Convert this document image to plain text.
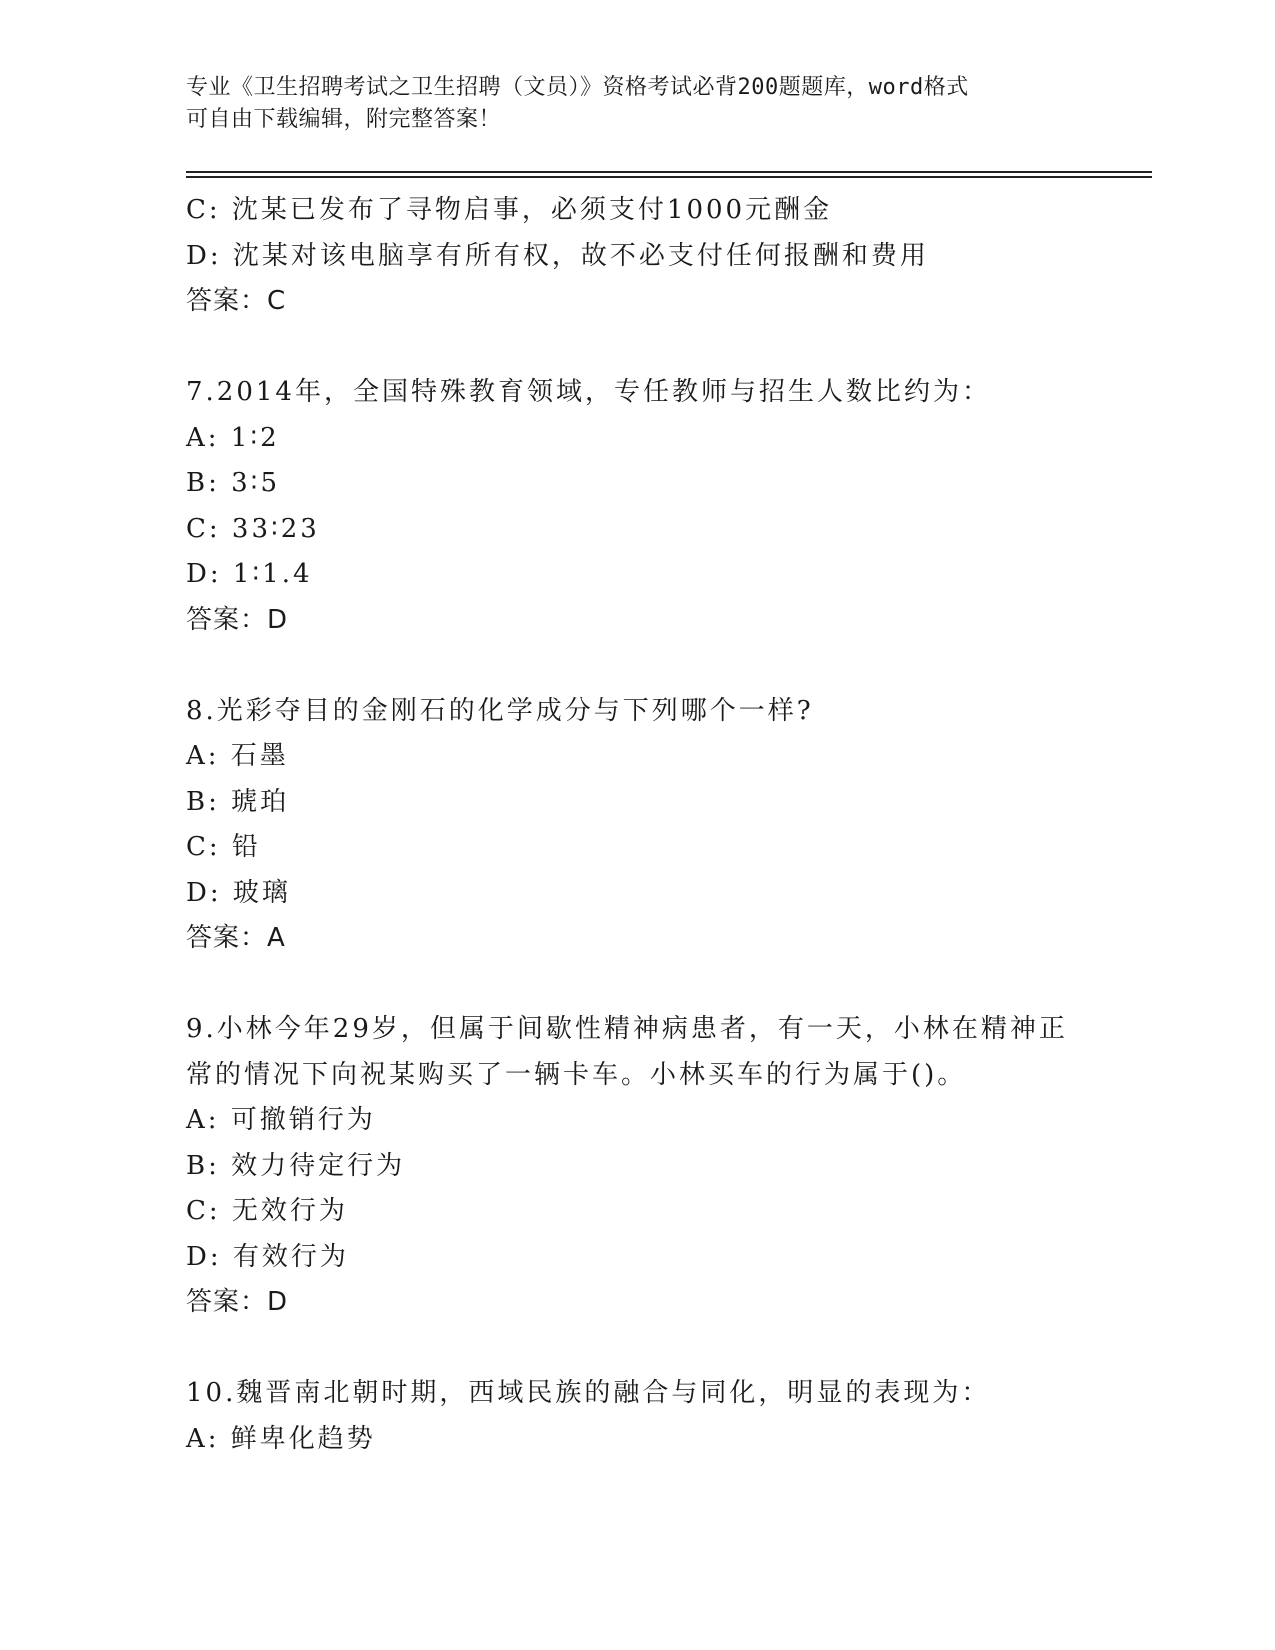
专业《卫生招聘考试之卫生招聘（文员）》资格考试必背200题题库，word格式
可自由下载编辑，附完整答案！
C: 沈某已发布了寻物启事，必须支付1000元酬金
D: 沈某对该电脑享有所有权，故不必支付任何报酬和费用
答案：C
7.2014年，全国特殊教育领域，专任教师与招生人数比约为：
A: 1∶2
B: 3∶5
C: 33∶23
D: 1∶1.4
答案：D
8.光彩夺目的金刚石的化学成分与下列哪个一样?
A: 石墨
B: 琥珀
C: 铅
D: 玻璃
答案：A
9.小林今年29岁，但属于间歇性精神病患者，有一天，小林在精神正
常的情况下向祝某购买了一辆卡车。小林买车的行为属于()。
A: 可撤销行为
B: 效力待定行为
C: 无效行为
D: 有效行为
答案：D
10.魏晋南北朝时期，西域民族的融合与同化，明显的表现为：
A: 鲜卑化趋势
